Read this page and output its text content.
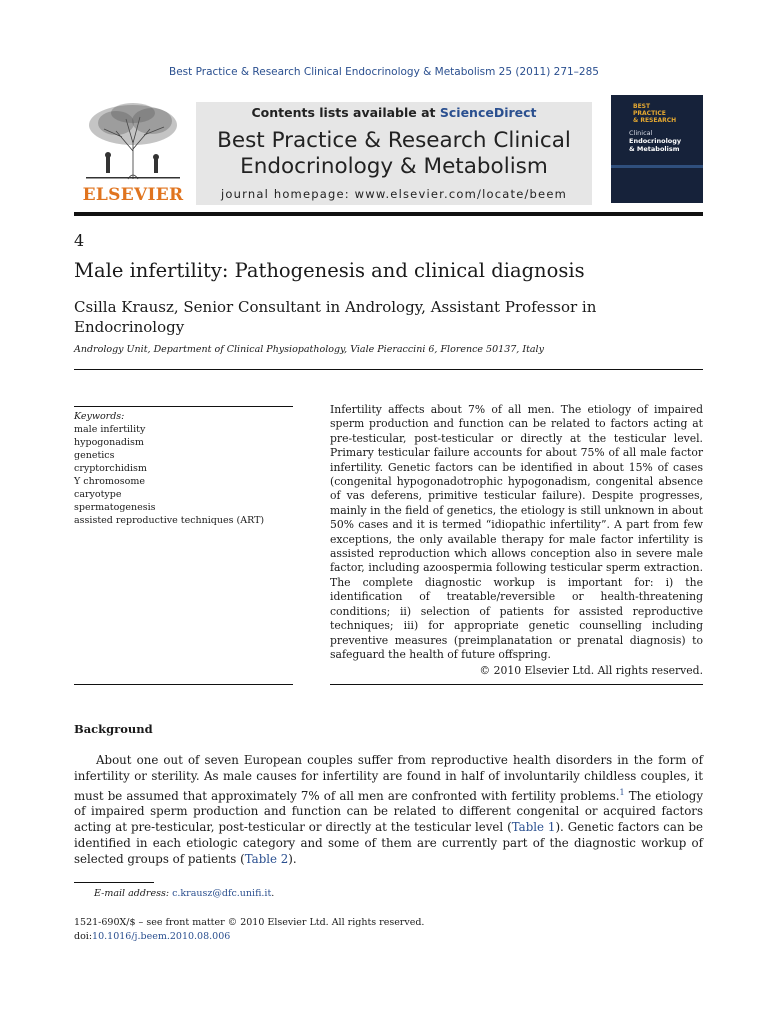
Best Practice & Research Clinical Endocrinology & Metabolism 25 (2011) 271–285
ELSEVIER
Contents lists available at ScienceDirect
Best Practice & Research Clinical
Endocrinology & Metabolism
journal homepage: www.elsevier.com/locate/beem
BEST
PRACTICE
& RESEARCH
Clinical
Endocrinology
& Metabolism
4
Male infertility: Pathogenesis and clinical diagnosis
Csilla Krausz, Senior Consultant in Andrology, Assistant Professor in Endocrinology
Andrology Unit, Department of Clinical Physiopathology, Viale Pieraccini 6, Florence 50137, Italy
Keywords:
male infertility
hypogonadism
genetics
cryptorchidism
Y chromosome
caryotype
spermatogenesis
assisted reproductive techniques (ART)
Infertility affects about 7% of all men. The etiology of impaired sperm production and function can be related to factors acting at pre-testicular, post-testicular or directly at the testicular level. Primary testicular failure accounts for about 75% of all male factor infertility. Genetic factors can be identified in about 15% of cases (congenital hypogonadotrophic hypogonadism, congenital absence of vas deferens, primitive testicular failure). Despite progresses, mainly in the field of genetics, the etiology is still unknown in about 50% cases and it is termed “idiopathic infertility”. A part from few exceptions, the only available therapy for male factor infertility is assisted reproduction which allows conception also in severe male factor, including azoospermia following testicular sperm extraction. The complete diagnostic workup is important for: i) the identification of treatable/reversible or health-threatening conditions; ii) selection of patients for assisted reproductive techniques; iii) for appropriate genetic counselling including preventive measures (preimplanatation or prenatal diagnosis) to safeguard the health of future offspring.
© 2010 Elsevier Ltd. All rights reserved.
Background

About one out of seven European couples suffer from reproductive health disorders in the form of infertility or sterility. As male causes for infertility are found in half of involuntarily childless couples, it must be assumed that approximately 7% of all men are confronted with fertility problems.$^1$ The etiology of impaired sperm production and function can be related to different congenital or acquired factors acting at pre-testicular, post-testicular or directly at the testicular level (Table 1). Genetic factors can be identified in each etiologic category and some of them are currently part of the diagnostic workup of selected groups of patients (Table 2).

E-mail address: c.krausz@dfc.unifi.it.
1521-690X/$ – see front matter © 2010 Elsevier Ltd. All rights reserved.
doi:10.1016/j.beem.2010.08.006
